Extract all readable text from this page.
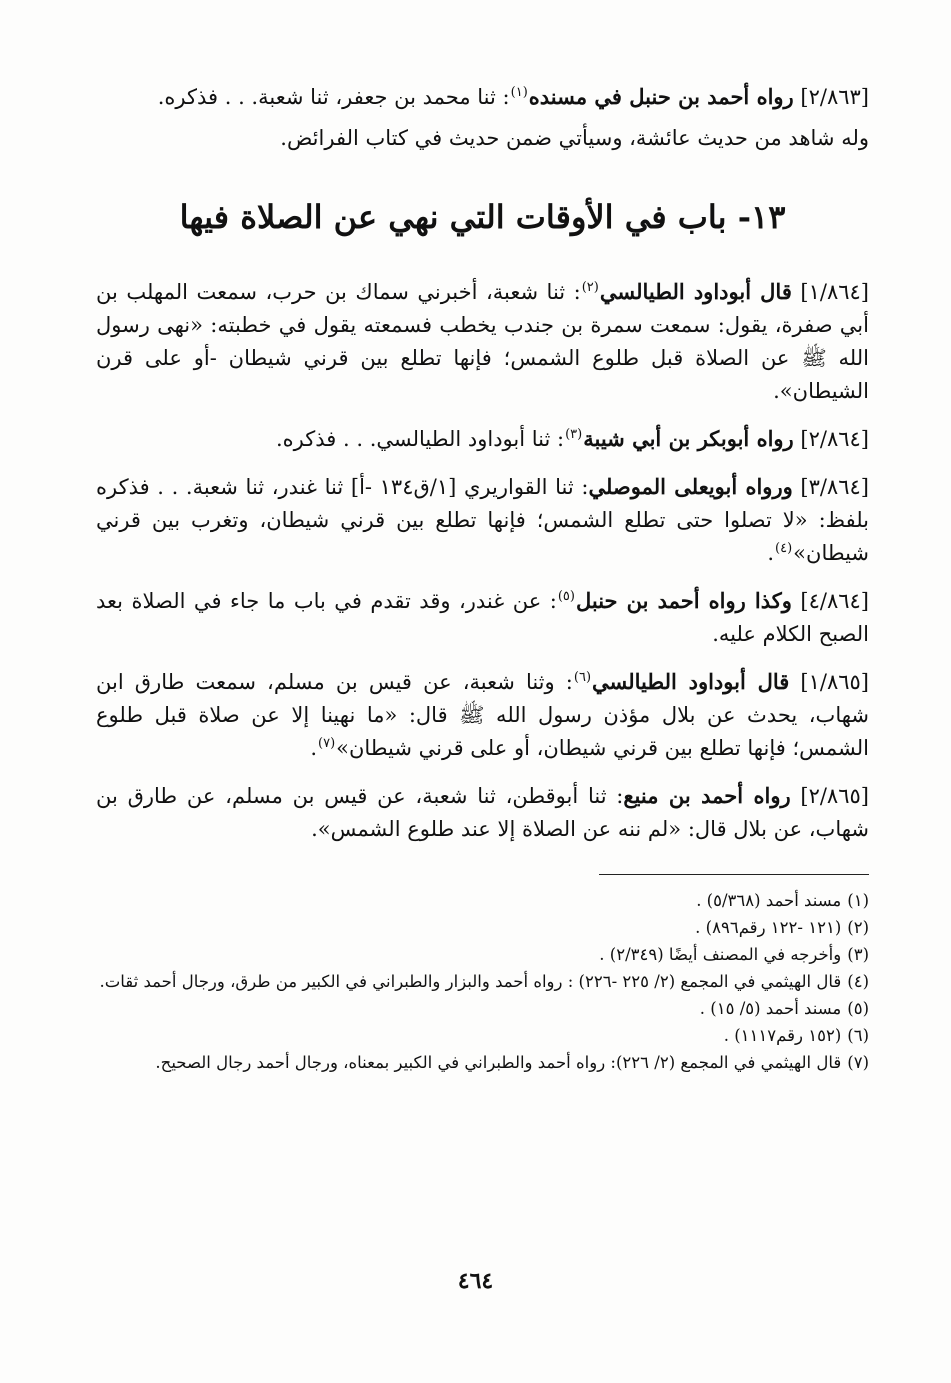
[٢/٨٦٣] رواه أحمد بن حنبل في مسنده$^{(١)}$: ثنا محمد بن جعفر، ثنا شعبة. . . فذكره.

وله شاهد من حديث عائشة، وسيأتي ضمن حديث في كتاب الفرائض.

١٣- باب في الأوقات التي نهي عن الصلاة فيها

[١/٨٦٤] قال أبوداود الطيالسي$^{(٢)}$: ثنا شعبة، أخبرني سماك بن حرب، سمعت المهلب بن أبي صفرة، يقول: سمعت سمرة بن جندب يخطب فسمعته يقول في خطبته: «نهى رسول الله ﷺ عن الصلاة قبل طلوع الشمس؛ فإنها تطلع بين قرني شيطان -أو على قرن الشيطان».

[٢/٨٦٤] رواه أبوبكر بن أبي شيبة$^{(٣)}$: ثنا أبوداود الطيالسي. . . فذكره.

[٣/٨٦٤] ورواه أبويعلى الموصلي: ثنا القواريري [١/ق١٣٤ -أ] ثنا غندر، ثنا شعبة. . . فذكره بلفظ: «لا تصلوا حتى تطلع الشمس؛ فإنها تطلع بين قرني شيطان، وتغرب بين قرني شيطان»$^{(٤)}$.

[٤/٨٦٤] وكذا رواه أحمد بن حنبل$^{(٥)}$: عن غندر، وقد تقدم في باب ما جاء في الصلاة بعد الصبح الكلام عليه.

[١/٨٦٥] قال أبوداود الطيالسي$^{(٦)}$: وثنا شعبة، عن قيس بن مسلم، سمعت طارق ابن شهاب، يحدث عن بلال مؤذن رسول الله ﷺ قال: «ما نهينا إلا عن صلاة قبل طلوع الشمس؛ فإنها تطلع بين قرني شيطان، أو على قرني شيطان»$^{(٧)}$.

[٢/٨٦٥] رواه أحمد بن منيع: ثنا أبوقطن، ثنا شعبة، عن قيس بن مسلم، عن طارق بن شهاب، عن بلال قال: «لم ننه عن الصلاة إلا عند طلوع الشمس».

(١)مسند أحمد (٥/٣٦٨) .
(٢)(١٢١ -١٢٢ رقم٨٩٦) .
(٣)وأخرجه في المصنف أيضًا (٢/٣٤٩) .
(٤)قال الهيثمي في المجمع (٢/ ٢٢٥ -٢٢٦) : رواه أحمد والبزار والطبراني في الكبير من طرق، ورجال أحمد ثقات.
(٥)مسند أحمد (٥/ ١٥) .
(٦)(١٥٢ رقم١١١٧) .
(٧)قال الهيثمي في المجمع (٢/ ٢٢٦): رواه أحمد والطبراني في الكبير بمعناه، ورجال أحمد رجال الصحيح.
٤٦٤
